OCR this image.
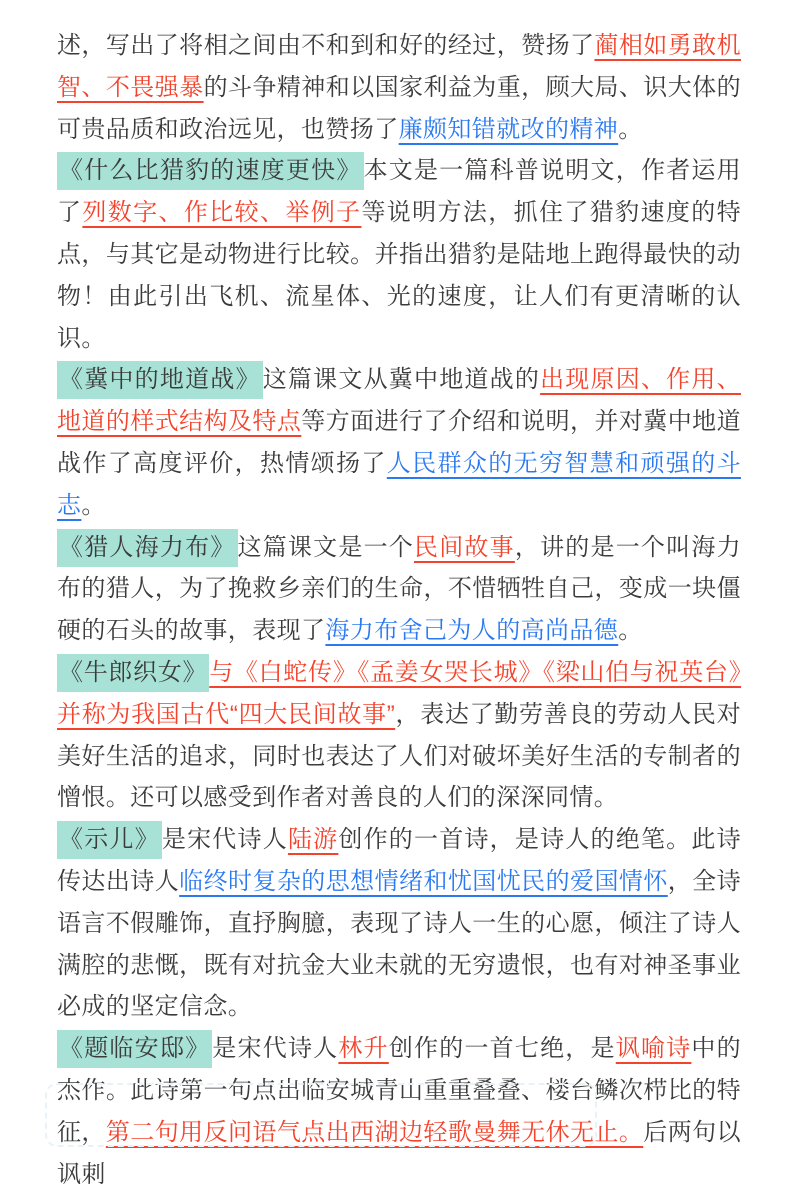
述，写出了将相之间由不和到和好的经过，赞扬了蔺相如勇敢机智、不畏强暴的斗争精神和以国家利益为重，顾大局、识大体的可贵品质和政治远见，也赞扬了廉颇知错就改的精神。

《什么比猎豹的速度更快》本文是一篇科普说明文，作者运用了列数字、作比较、举例子等说明方法，抓住了猎豹速度的特点，与其它是动物进行比较。并指出猎豹是陆地上跑得最快的动物！由此引出飞机、流星体、光的速度，让人们有更清晰的认识。

《冀中的地道战》这篇课文从冀中地道战的出现原因、作用、地道的样式结构及特点等方面进行了介绍和说明，并对冀中地道战作了高度评价，热情颂扬了人民群众的无穷智慧和顽强的斗志。

《猎人海力布》这篇课文是一个民间故事，讲的是一个叫海力布的猎人，为了挽救乡亲们的生命，不惜牺牲自己，变成一块僵硬的石头的故事，表现了海力布舍己为人的高尚品德。

《牛郎织女》与《白蛇传》《孟姜女哭长城》《梁山伯与祝英台》并称为我国古代“四大民间故事”，表达了勤劳善良的劳动人民对美好生活的追求，同时也表达了人们对破坏美好生活的专制者的憎恨。还可以感受到作者对善良的人们的深深同情。

《示儿》是宋代诗人陆游创作的一首诗，是诗人的绝笔。此诗传达出诗人临终时复杂的思想情绪和忧国忧民的爱国情怀，全诗语言不假雕饰，直抒胸臆，表现了诗人一生的心愿，倾注了诗人满腔的悲慨，既有对抗金大业未就的无穷遗恨，也有对神圣事业必成的坚定信念。

《题临安邸》是宋代诗人林升创作的一首七绝，是讽喻诗中的杰作。此诗第一句点出临安城青山重重叠叠、楼台鳞次栉比的特征，第二句用反问语气点出西湖边轻歌曼舞无休无止。后两句以讽刺
